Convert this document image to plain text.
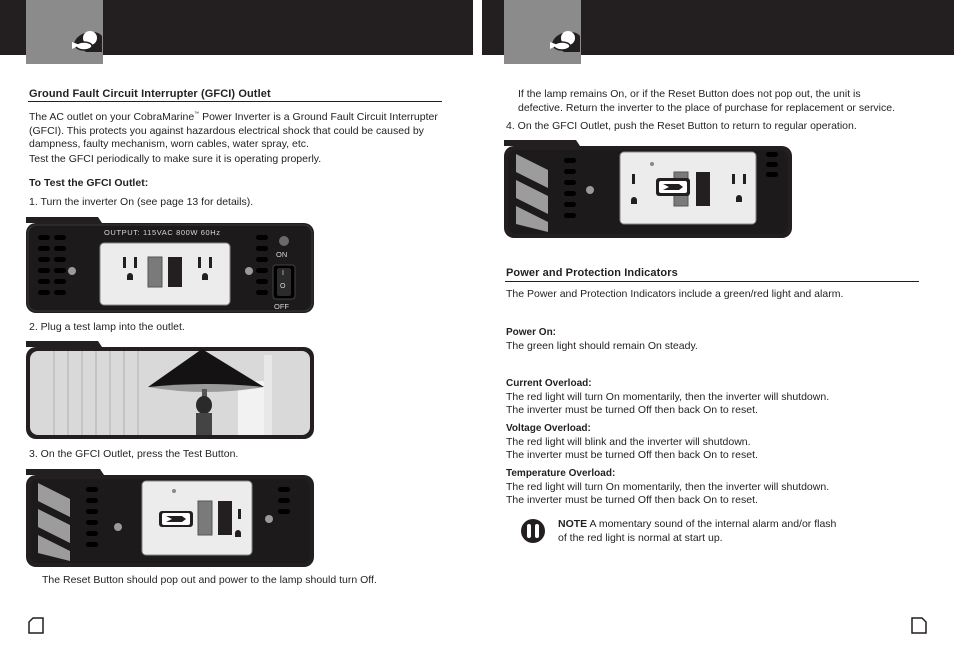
Ground Fault Circuit Interrupter (GFCI) Outlet
The AC outlet on your CobraMarine™ Power Inverter is a Ground Fault Circuit Interrupter
(GFCI). This protects you against hazardous electrical shock that could be caused by
dampness, faulty mechanism, worn cables, water spray, etc.
Test the GFCI periodically to make sure it is operating properly.
To Test the GFCI Outlet:
1. Turn the inverter On (see page 13 for details).
OUTPUT: 115VAC 800W 60Hz
ON
I
O
OFF
2. Plug a test lamp into the outlet.
3. On the GFCI Outlet, press the Test Button.
The Reset Button should pop out and power to the lamp should turn Off.
If the lamp remains On, or if the Reset Button does not pop out, the unit is
defective. Return the inverter to the place of purchase for replacement or service.
4. On the GFCI Outlet, push the Reset Button to return to regular operation.
Power and Protection Indicators
The Power and Protection Indicators include a green/red light and alarm.
Power On:
The green light should remain On steady.
Current Overload:
The red light will turn On momentarily, then the inverter will shutdown.
The inverter must be turned Off then back On to reset.
Voltage Overload:
The red light will blink and the inverter will shutdown.
The inverter must be turned Off then back On to reset.
Temperature Overload:
The red light will turn On momentarily, then the inverter will shutdown.
The inverter must be turned Off then back On to reset.
NOTE A momentary sound of the internal alarm and/or flash
of the red light is normal at start up.
